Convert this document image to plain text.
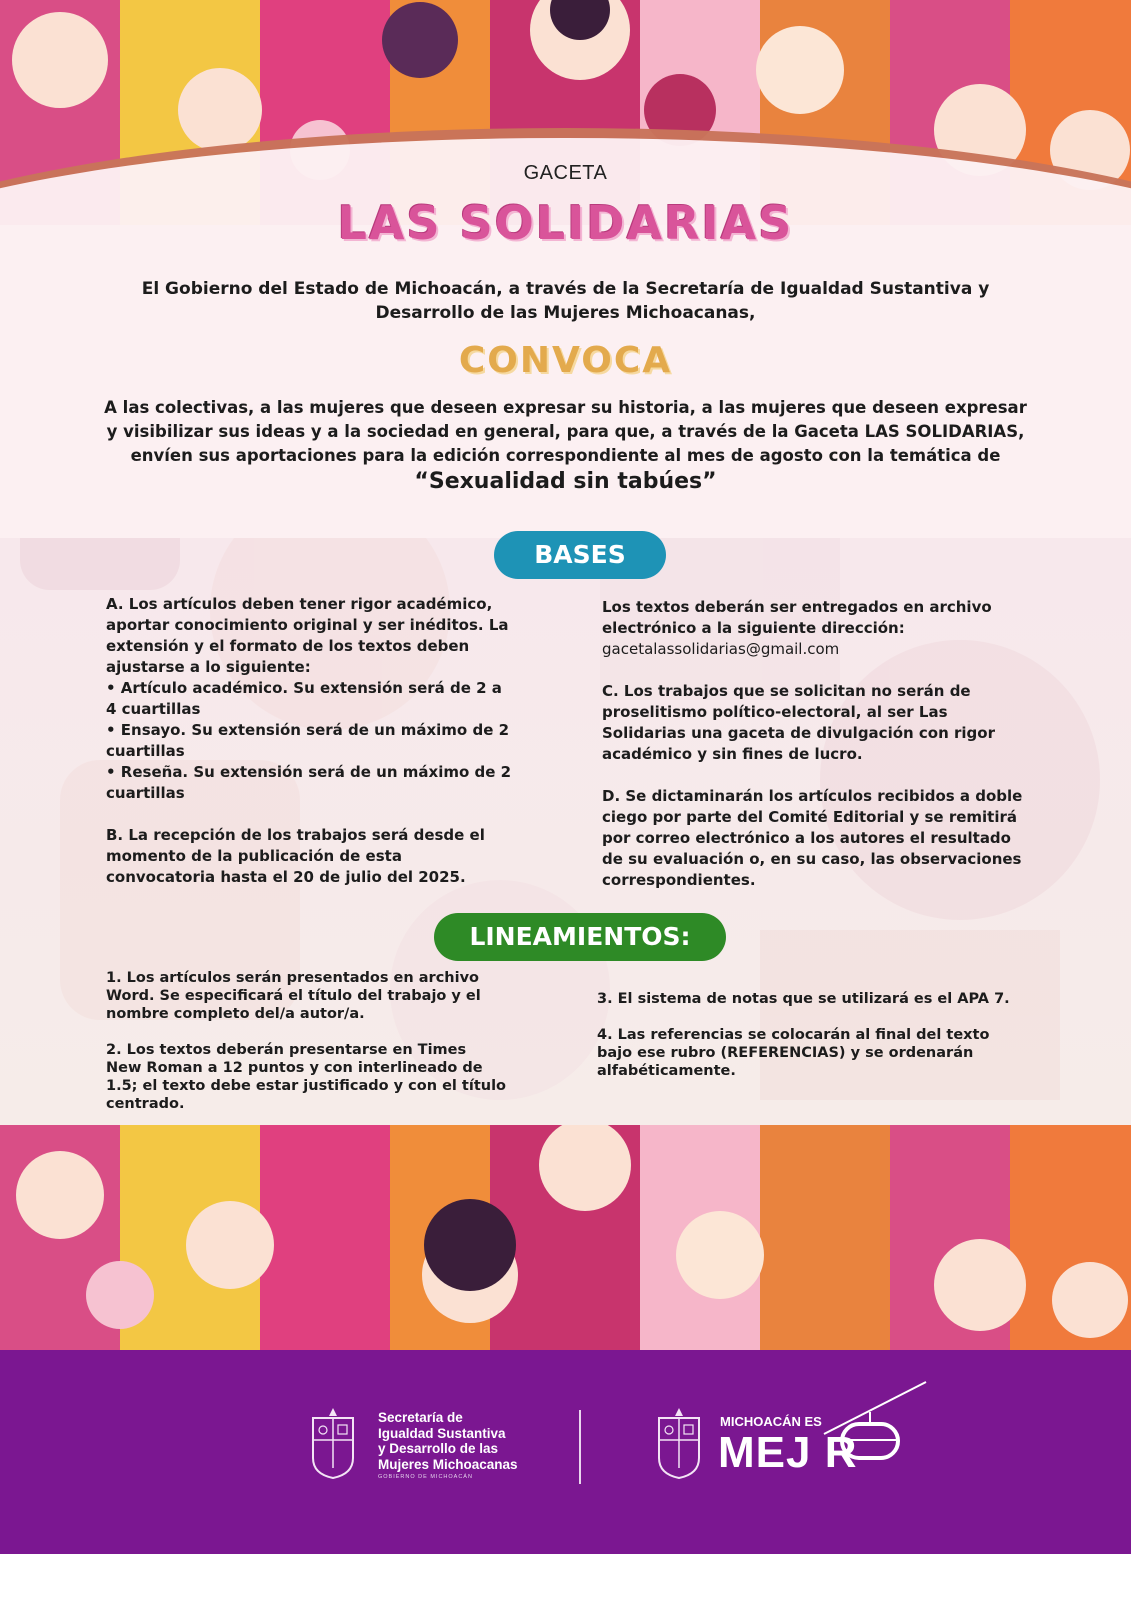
GACETA
LAS SOLIDARIAS
El Gobierno del Estado de Michoacán, a través de la Secretaría de Igualdad Sustantiva y Desarrollo de las Mujeres Michoacanas,
CONVOCA
A las colectivas, a las mujeres que deseen expresar su historia, a las mujeres que deseen expresar y visibilizar sus ideas y a la sociedad en general, para que, a través de la Gaceta LAS SOLIDARIAS, envíen sus aportaciones para la edición correspondiente al mes de agosto con la temática de
“Sexualidad sin tabúes”
BASES

A. Los artículos deben tener rigor académico, aportar conocimiento original y ser inéditos. La extensión y el formato de los textos deben ajustarse a lo siguiente:
• Artículo académico. Su extensión será de 2 a 4 cuartillas
• Ensayo. Su extensión será de un máximo de 2 cuartillas
• Reseña. Su extensión será de un máximo de 2 cuartillas

B. La recepción de los trabajos será desde el momento de la publicación de esta convocatoria hasta el 20 de julio del 2025.

Los textos deberán ser entregados en archivo electrónico a la siguiente dirección:
gacetalassolidarias@gmail.com

C. Los trabajos que se solicitan no serán de proselitismo político-electoral, al ser Las Solidarias una gaceta de divulgación con rigor académico y sin fines de lucro.

D. Se dictaminarán los artículos recibidos a doble ciego por parte del Comité Editorial y se remitirá por correo electrónico a los autores el resultado de su evaluación o, en su caso, las observaciones correspondientes.

LINEAMIENTOS:

1. Los artículos serán presentados en archivo Word. Se especificará el título del trabajo y el nombre completo del/a autor/a.

2. Los textos deberán presentarse en Times New Roman a 12 puntos y con interlineado de 1.5; el texto debe estar justificado y con el título centrado.

3. El sistema de notas que se utilizará es el APA 7.

4. Las referencias se colocarán al final del texto bajo ese rubro (REFERENCIAS) y se ordenarán alfabéticamente.

Secretaría de
Igualdad Sustantiva
y Desarrollo de las
Mujeres Michoacanas
GOBIERNO DE MICHOACÁN
MICHOACÁN ES
MEJ R
